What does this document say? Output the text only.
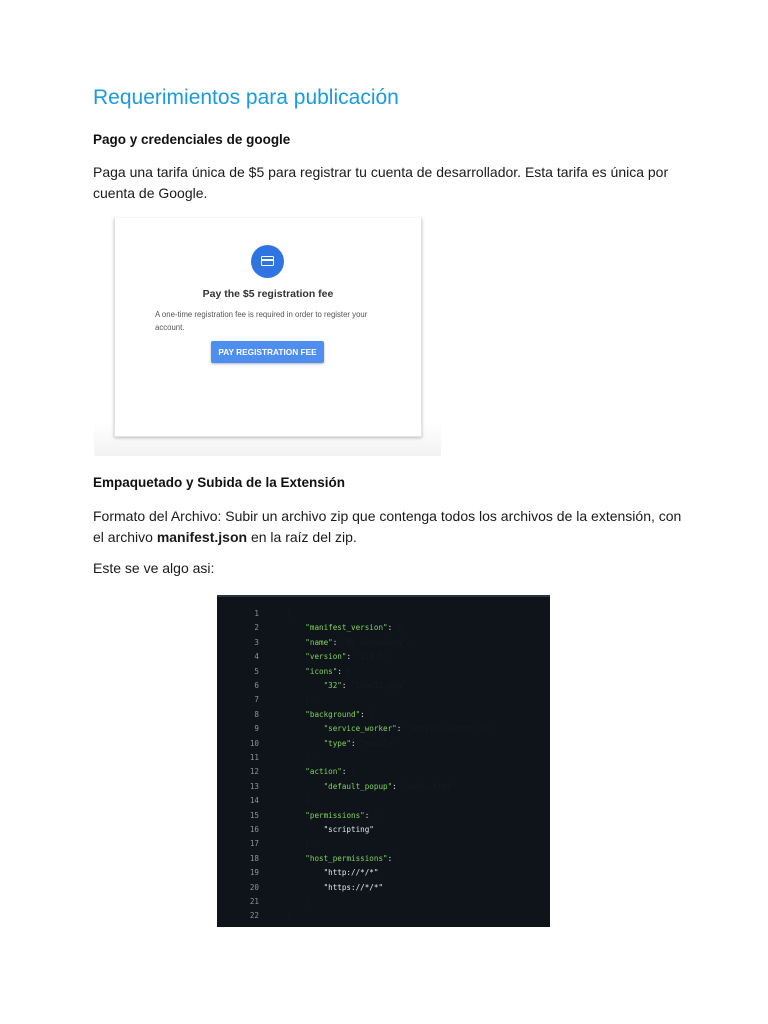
Requerimientos para publicación
Pago y credenciales de google

Paga una tarifa única de $5 para registrar tu cuenta de desarrollador. Esta tarifa es única por cuenta de Google.

Pay the $5 registration fee
A one-time registration fee is required in order to register your account.
PAY REGISTRATION FEE
Empaquetado y Subida de la Extensión

Formato del Archivo: Subir un archivo zip que contenga todos los archivos de la extensión, con el archivo manifest.json en la raíz del zip.

Este se ve algo asi:

1	{
2	"manifest_version": 3,
3	"name": "My Extension",
4	"version": "1.0.1",
5	"icons": {
6	"32": "icon32.png"
7	},
8	"background": {
9	"service_worker": "service-worker.js",
10	"type": "module"
11	},
12	"action": {
13	"default_popup": "index.html"
14	},
15	"permissions": [
16	"scripting"
17	],
18	"host_permissions": [
19	"http://*/*",
20	"https://*/*"
21	]
22	}
